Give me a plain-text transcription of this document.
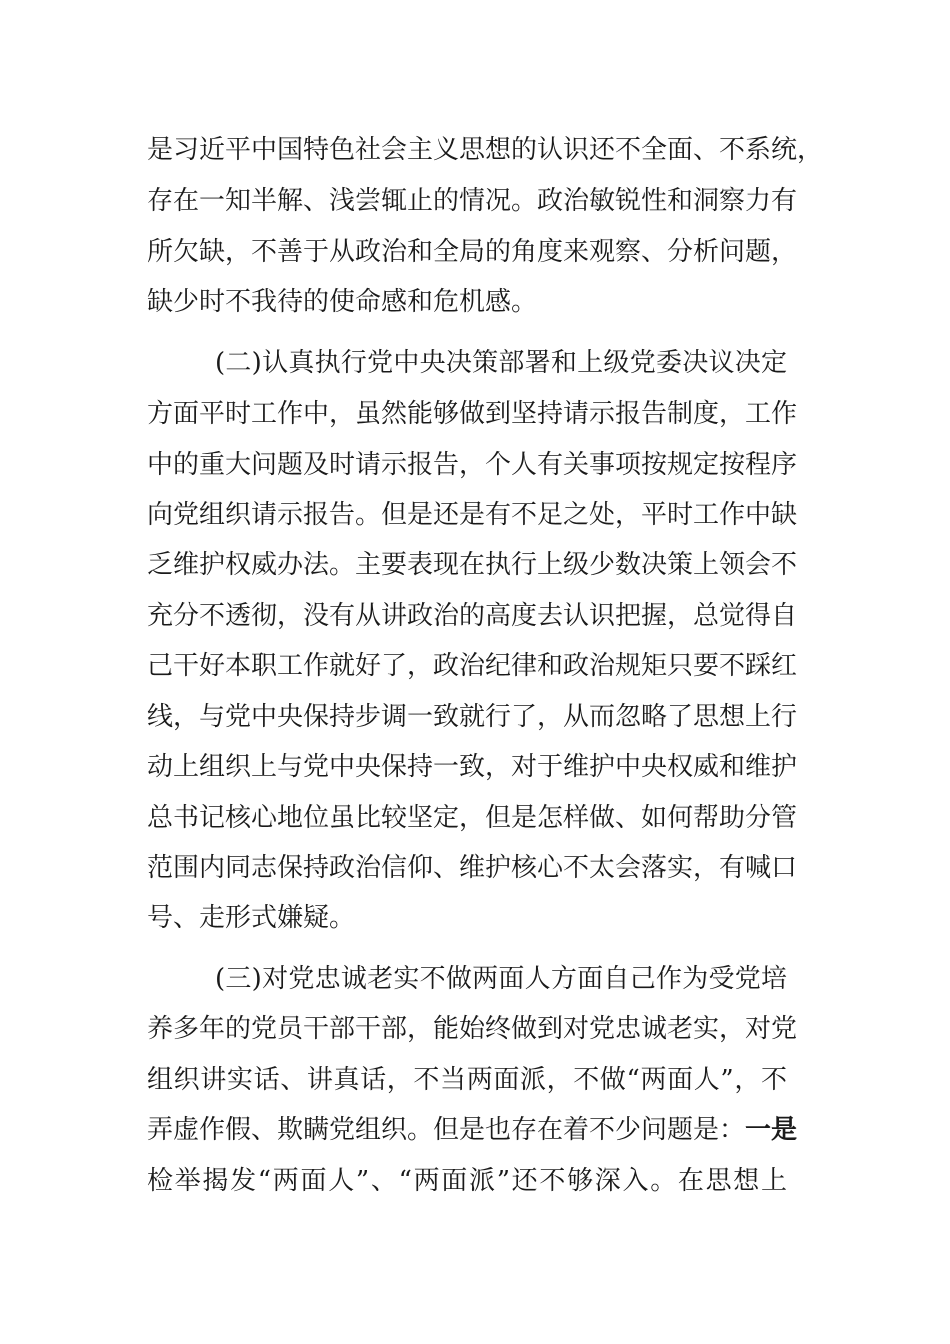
是习近平中国特色社会主义思想的认识还不全面、不系统，
存在一知半解、浅尝辄止的情况。政治敏锐性和洞察力有
所欠缺，不善于从政治和全局的角度来观察、分析问题，
缺少时不我待的使命感和危机感。
(二)认真执行党中央决策部署和上级党委决议决定
方面平时工作中，虽然能够做到坚持请示报告制度，工作
中的重大问题及时请示报告，个人有关事项按规定按程序
向党组织请示报告。但是还是有不足之处，平时工作中缺
乏维护权威办法。主要表现在执行上级少数决策上领会不
充分不透彻，没有从讲政治的高度去认识把握，总觉得自
己干好本职工作就好了，政治纪律和政治规矩只要不踩红
线，与党中央保持步调一致就行了，从而忽略了思想上行
动上组织上与党中央保持一致，对于维护中央权威和维护
总书记核心地位虽比较坚定，但是怎样做、如何帮助分管
范围内同志保持政治信仰、维护核心不太会落实，有喊口
号、走形式嫌疑。
(三)对党忠诚老实不做两面人方面自己作为受党培
养多年的党员干部干部，能始终做到对党忠诚老实，对党
组织讲实话、讲真话，不当两面派，不做“两面人”，不
弄虚作假、欺瞒党组织。但是也存在着不少问题是：一是
检举揭发“两面人”、“两面派”还不够深入。在思想上
